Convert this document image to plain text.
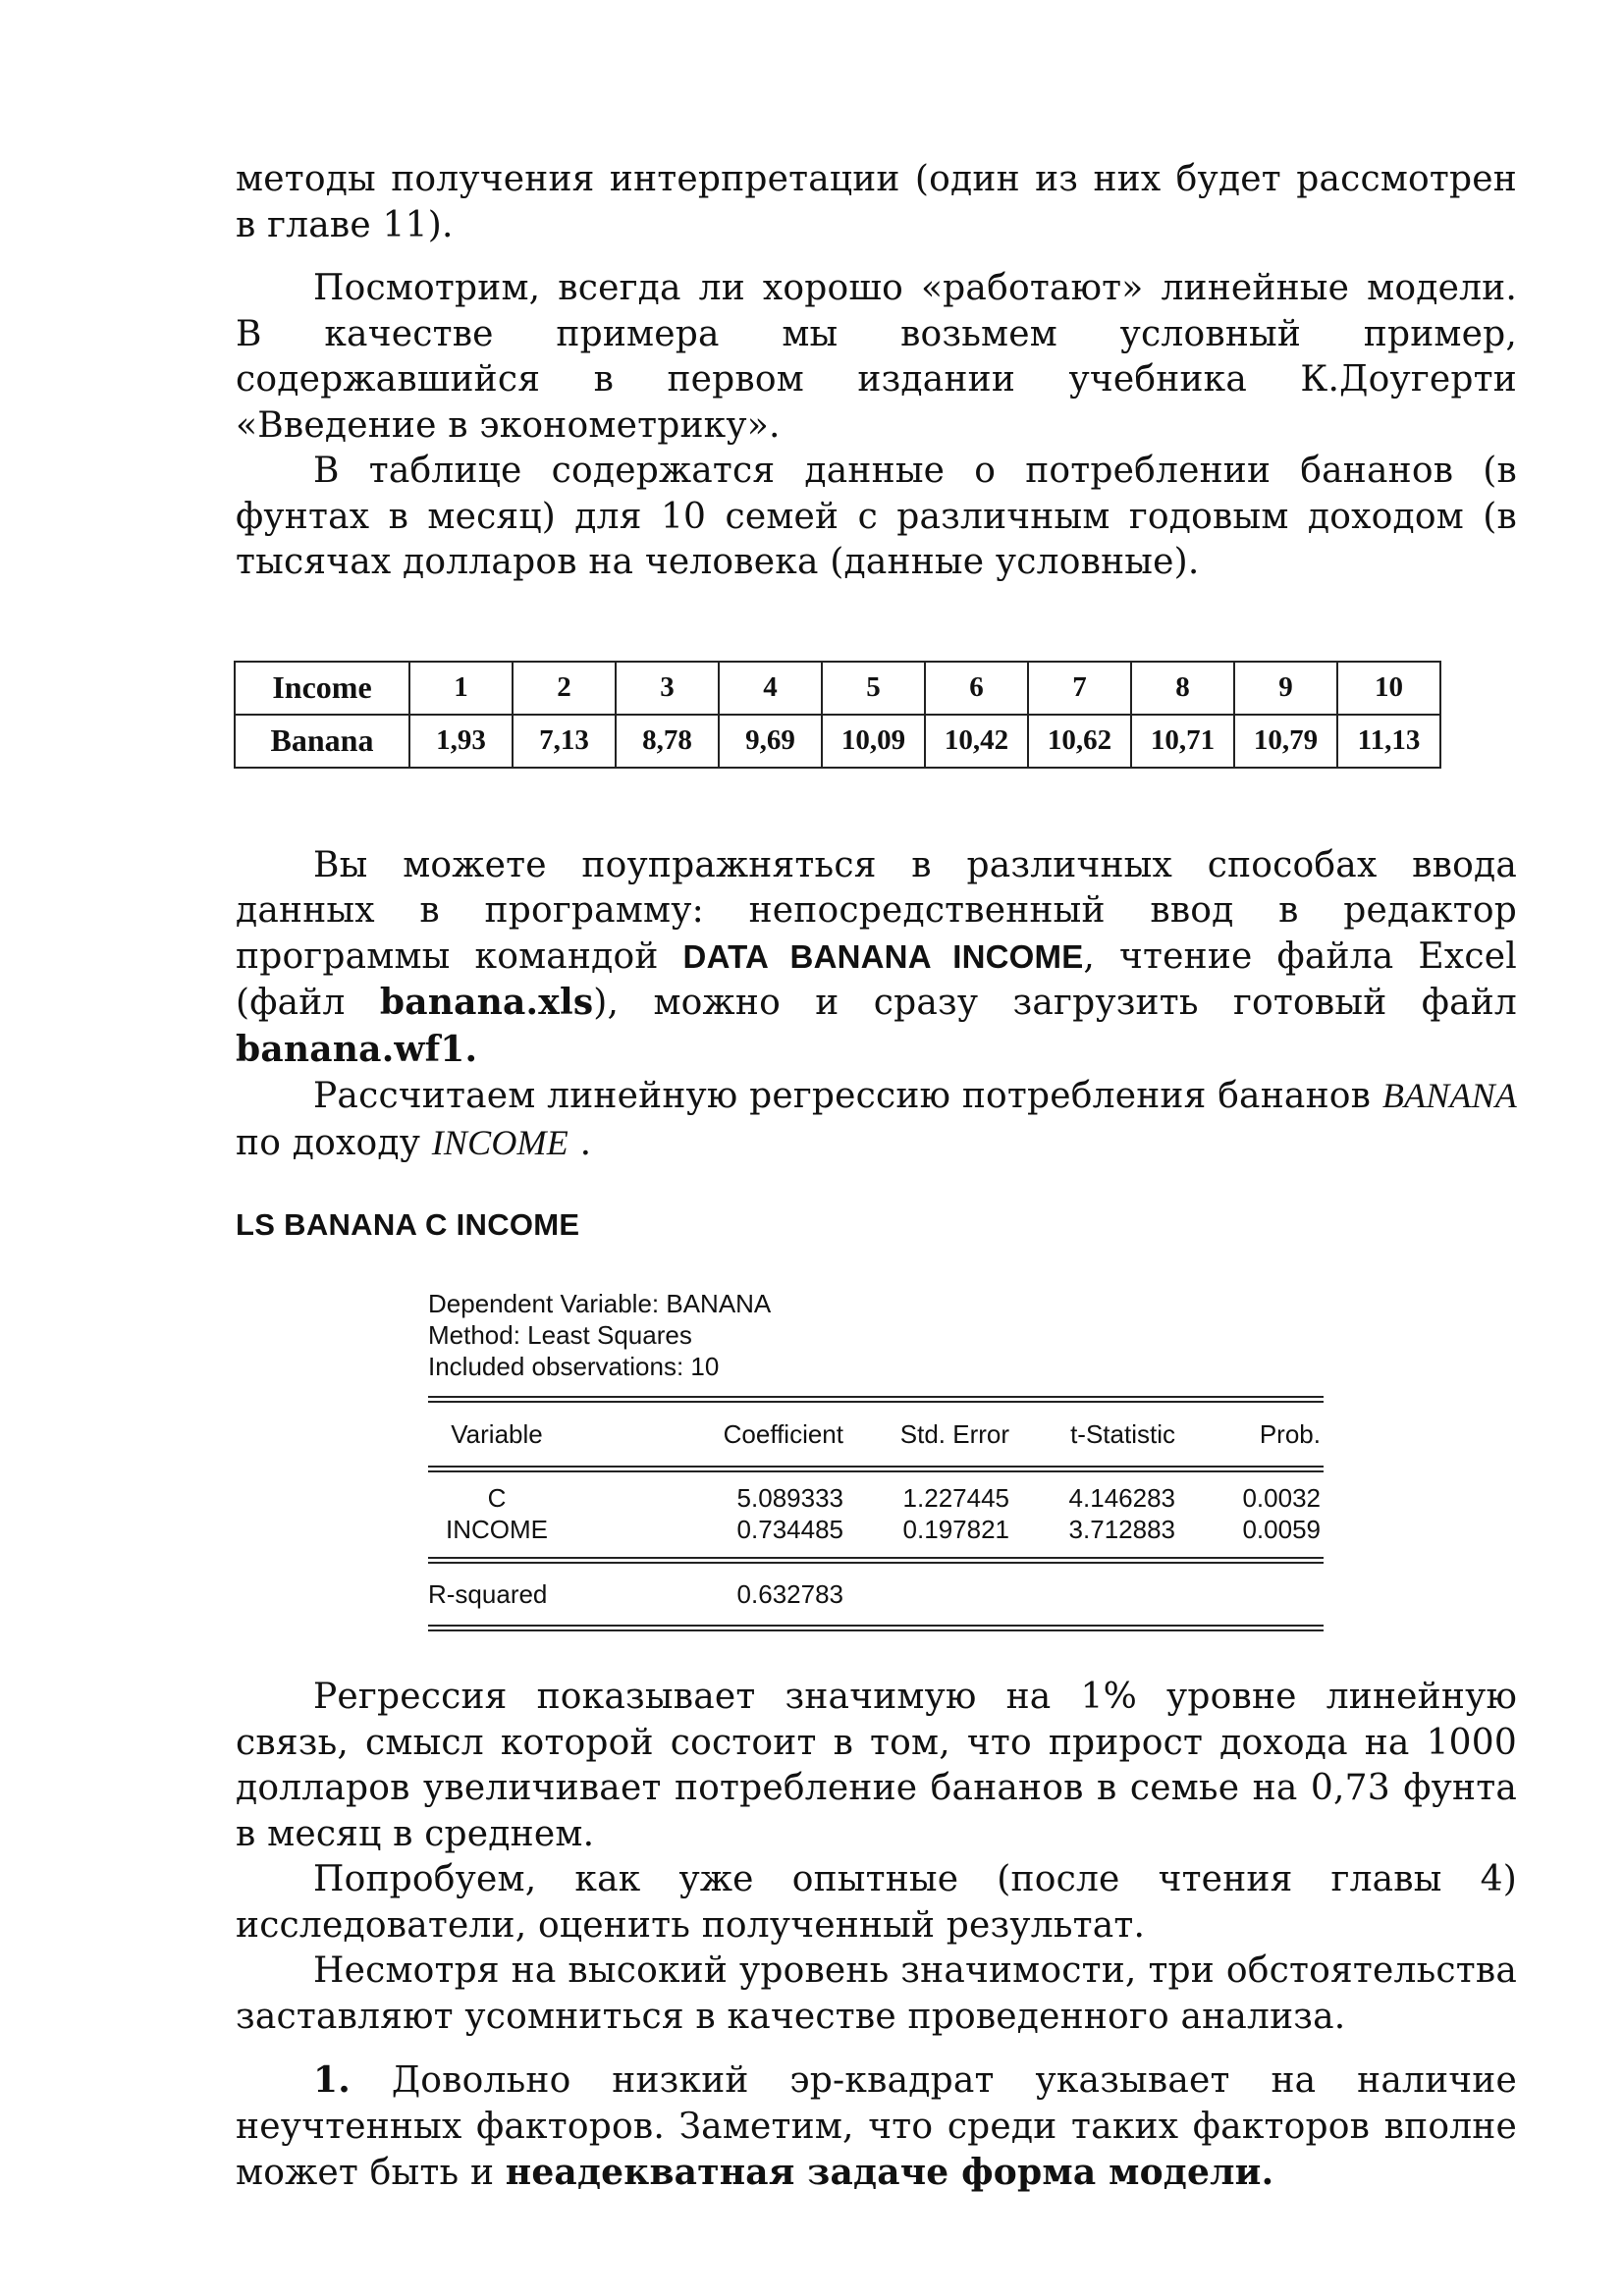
методы получения интерпретации (один из них будет рассмотрен в главе 11).

Посмотрим, всегда ли хорошо «работают» линейные модели. В качестве примера мы возьмем условный пример, содержавшийся в первом издании учебника К.Доугерти «Введение в эконометрику».

В таблице содержатся данные о потреблении бананов (в фунтах в месяц) для 10 семей с различным годовым доходом (в тысячах долларов на человека (данные условные).

Income	1	2	3	4	5	6	7	8	9	10
Banana	1,93	7,13	8,78	9,69	10,09	10,42	10,62	10,71	10,79	11,13

Вы можете поупражняться в различных способах ввода данных в программу: непосредственный ввод в редактор программы командой DATA BANANA INCOME, чтение файла Excel (файл banana.xls), можно и сразу загрузить готовый файл banana.wf1.

Рассчитаем линейную регрессию потребления бананов BANANA по доходу INCOME .

LS BANANA C INCOME
Dependent Variable: BANANA
Method: Least Squares
Included observations: 10
Variable	Coefficient	Std. Error	t-Statistic	Prob.
C	5.089333	1.227445	4.146283	0.0032
INCOME	0.734485	0.197821	3.712883	0.0059
R-squared	0.632783

Регрессия показывает значимую на 1% уровне линейную связь, смысл которой состоит в том, что прирост дохода на 1000 долларов увеличивает потребление бананов в семье на 0,73 фунта в месяц в среднем.

Попробуем, как уже опытные (после чтения главы 4) исследователи, оценить полученный результат.

Несмотря на высокий уровень значимости, три обстоятельства заставляют усомниться в качестве проведенного анализа.

1. Довольно низкий эр-квадрат указывает на наличие неучтенных факторов. Заметим, что среди таких факторов вполне может быть и неадекватная задаче форма модели.
